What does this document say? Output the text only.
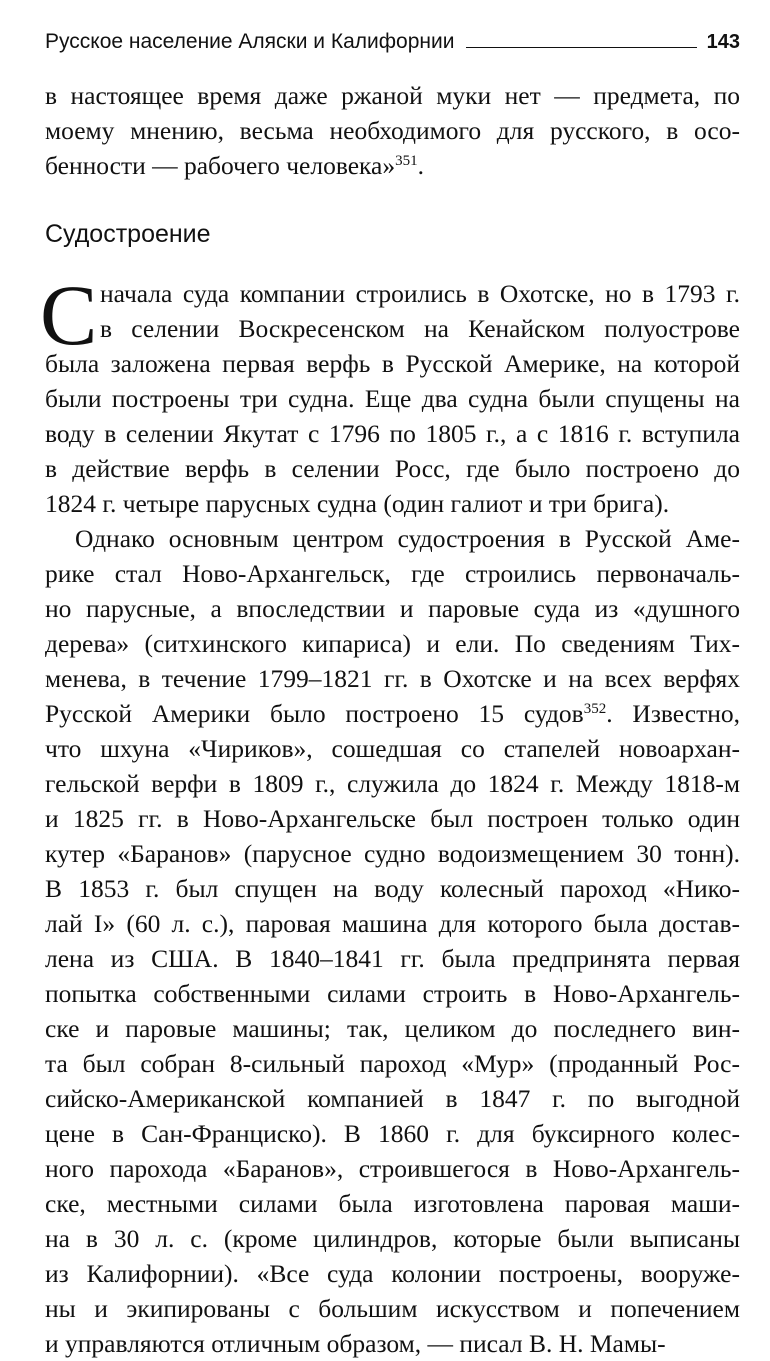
Русское население Аляски и Калифорнии	143
в настоящее время даже ржаной муки нет — предмета, по
моему мнению, весьма необходимого для русского, в осо-
бенности — рабочего человека»$^{351}$.
Судостроение
С начала суда компании строились в Охотске, но в 1793 г.
в селении Воскресенском на Кенайском полуострове
была заложена первая верфь в Русской Америке, на которой
были построены три судна. Еще два судна были спущены на
воду в селении Якутат с 1796 по 1805 г., а с 1816 г. вступила
в действие верфь в селении Росс, где было построено до
1824 г. четыре парусных судна (один галиот и три брига).
Однако основным центром судостроения в Русской Аме-
рике стал Ново-Архангельск, где строились первоначаль-
но парусные, а впоследствии и паровые суда из «душного
дерева» (ситхинского кипариса) и ели. По сведениям Тих-
менева, в течение 1799–1821 гг. в Охотске и на всех верфях
Русской Америки было построено 15 судов$^{352}$. Известно,
что шхуна «Чириков», сошедшая со стапелей новоархан-
гельской верфи в 1809 г., служила до 1824 г. Между 1818-м
и 1825 гг. в Ново-Архангельске был построен только один
кутер «Баранов» (парусное судно водоизмещением 30 тонн).
В 1853 г. был спущен на воду колесный пароход «Нико-
лай I» (60 л. с.), паровая машина для которого была достав-
лена из США. В 1840–1841 гг. была предпринята первая
попытка собственными силами строить в Ново-Архангель-
ске и паровые машины; так, целиком до последнего вин-
та был собран 8-сильный пароход «Мур» (проданный Рос-
сийско-Американской компанией в 1847 г. по выгодной
цене в Сан-Франциско). В 1860 г. для буксирного колес-
ного парохода «Баранов», строившегося в Ново-Архангель-
ске, местными силами была изготовлена паровая маши-
на в 30 л. с. (кроме цилиндров, которые были выписаны
из Калифорнии). «Все суда колонии построены, вооруже-
ны и экипированы с большим искусством и попечением
и управляются отличным образом, — писал В. Н. Мамы-
